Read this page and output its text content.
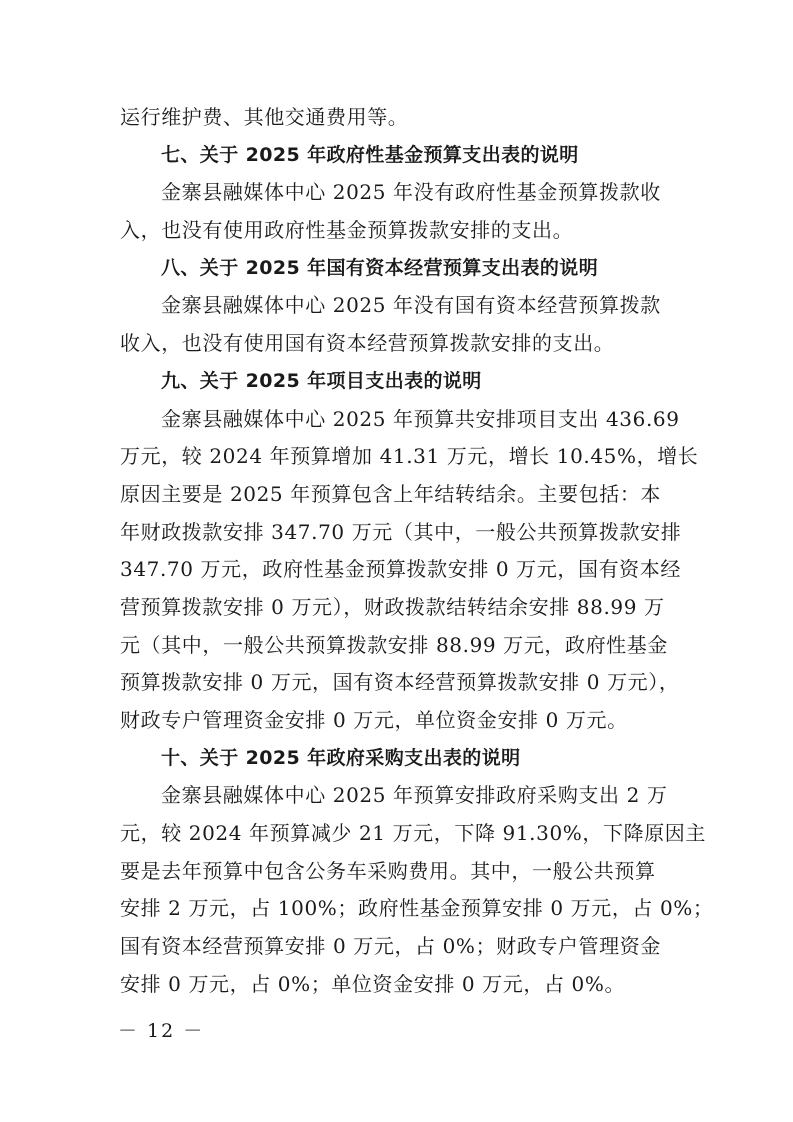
运行维护费、其他交通费用等。
七、关于 2025 年政府性基金预算支出表的说明
金寨县融媒体中心 2025 年没有政府性基金预算拨款收
入，也没有使用政府性基金预算拨款安排的支出。
八、关于 2025 年国有资本经营预算支出表的说明
金寨县融媒体中心 2025 年没有国有资本经营预算拨款
收入，也没有使用国有资本经营预算拨款安排的支出。
九、关于 2025 年项目支出表的说明
金寨县融媒体中心 2025 年预算共安排项目支出 436.69
万元，较 2024 年预算增加 41.31 万元，增长 10.45%，增长
原因主要是 2025 年预算包含上年结转结余。主要包括：本
年财政拨款安排 347.70 万元（其中，一般公共预算拨款安排
347.70 万元，政府性基金预算拨款安排 0 万元，国有资本经
营预算拨款安排 0 万元），财政拨款结转结余安排 88.99 万
元（其中，一般公共预算拨款安排 88.99 万元，政府性基金
预算拨款安排 0 万元，国有资本经营预算拨款安排 0 万元），
财政专户管理资金安排 0 万元，单位资金安排 0 万元。
十、关于 2025 年政府采购支出表的说明
金寨县融媒体中心 2025 年预算安排政府采购支出 2 万
元，较 2024 年预算减少 21 万元，下降 91.30%，下降原因主
要是去年预算中包含公务车采购费用。其中，一般公共预算
安排 2 万元，占 100%；政府性基金预算安排 0 万元，占 0%；
国有资本经营预算安排 0 万元，占 0%；财政专户管理资金
安排 0 万元，占 0%；单位资金安排 0 万元，占 0%。
－ 12 －
